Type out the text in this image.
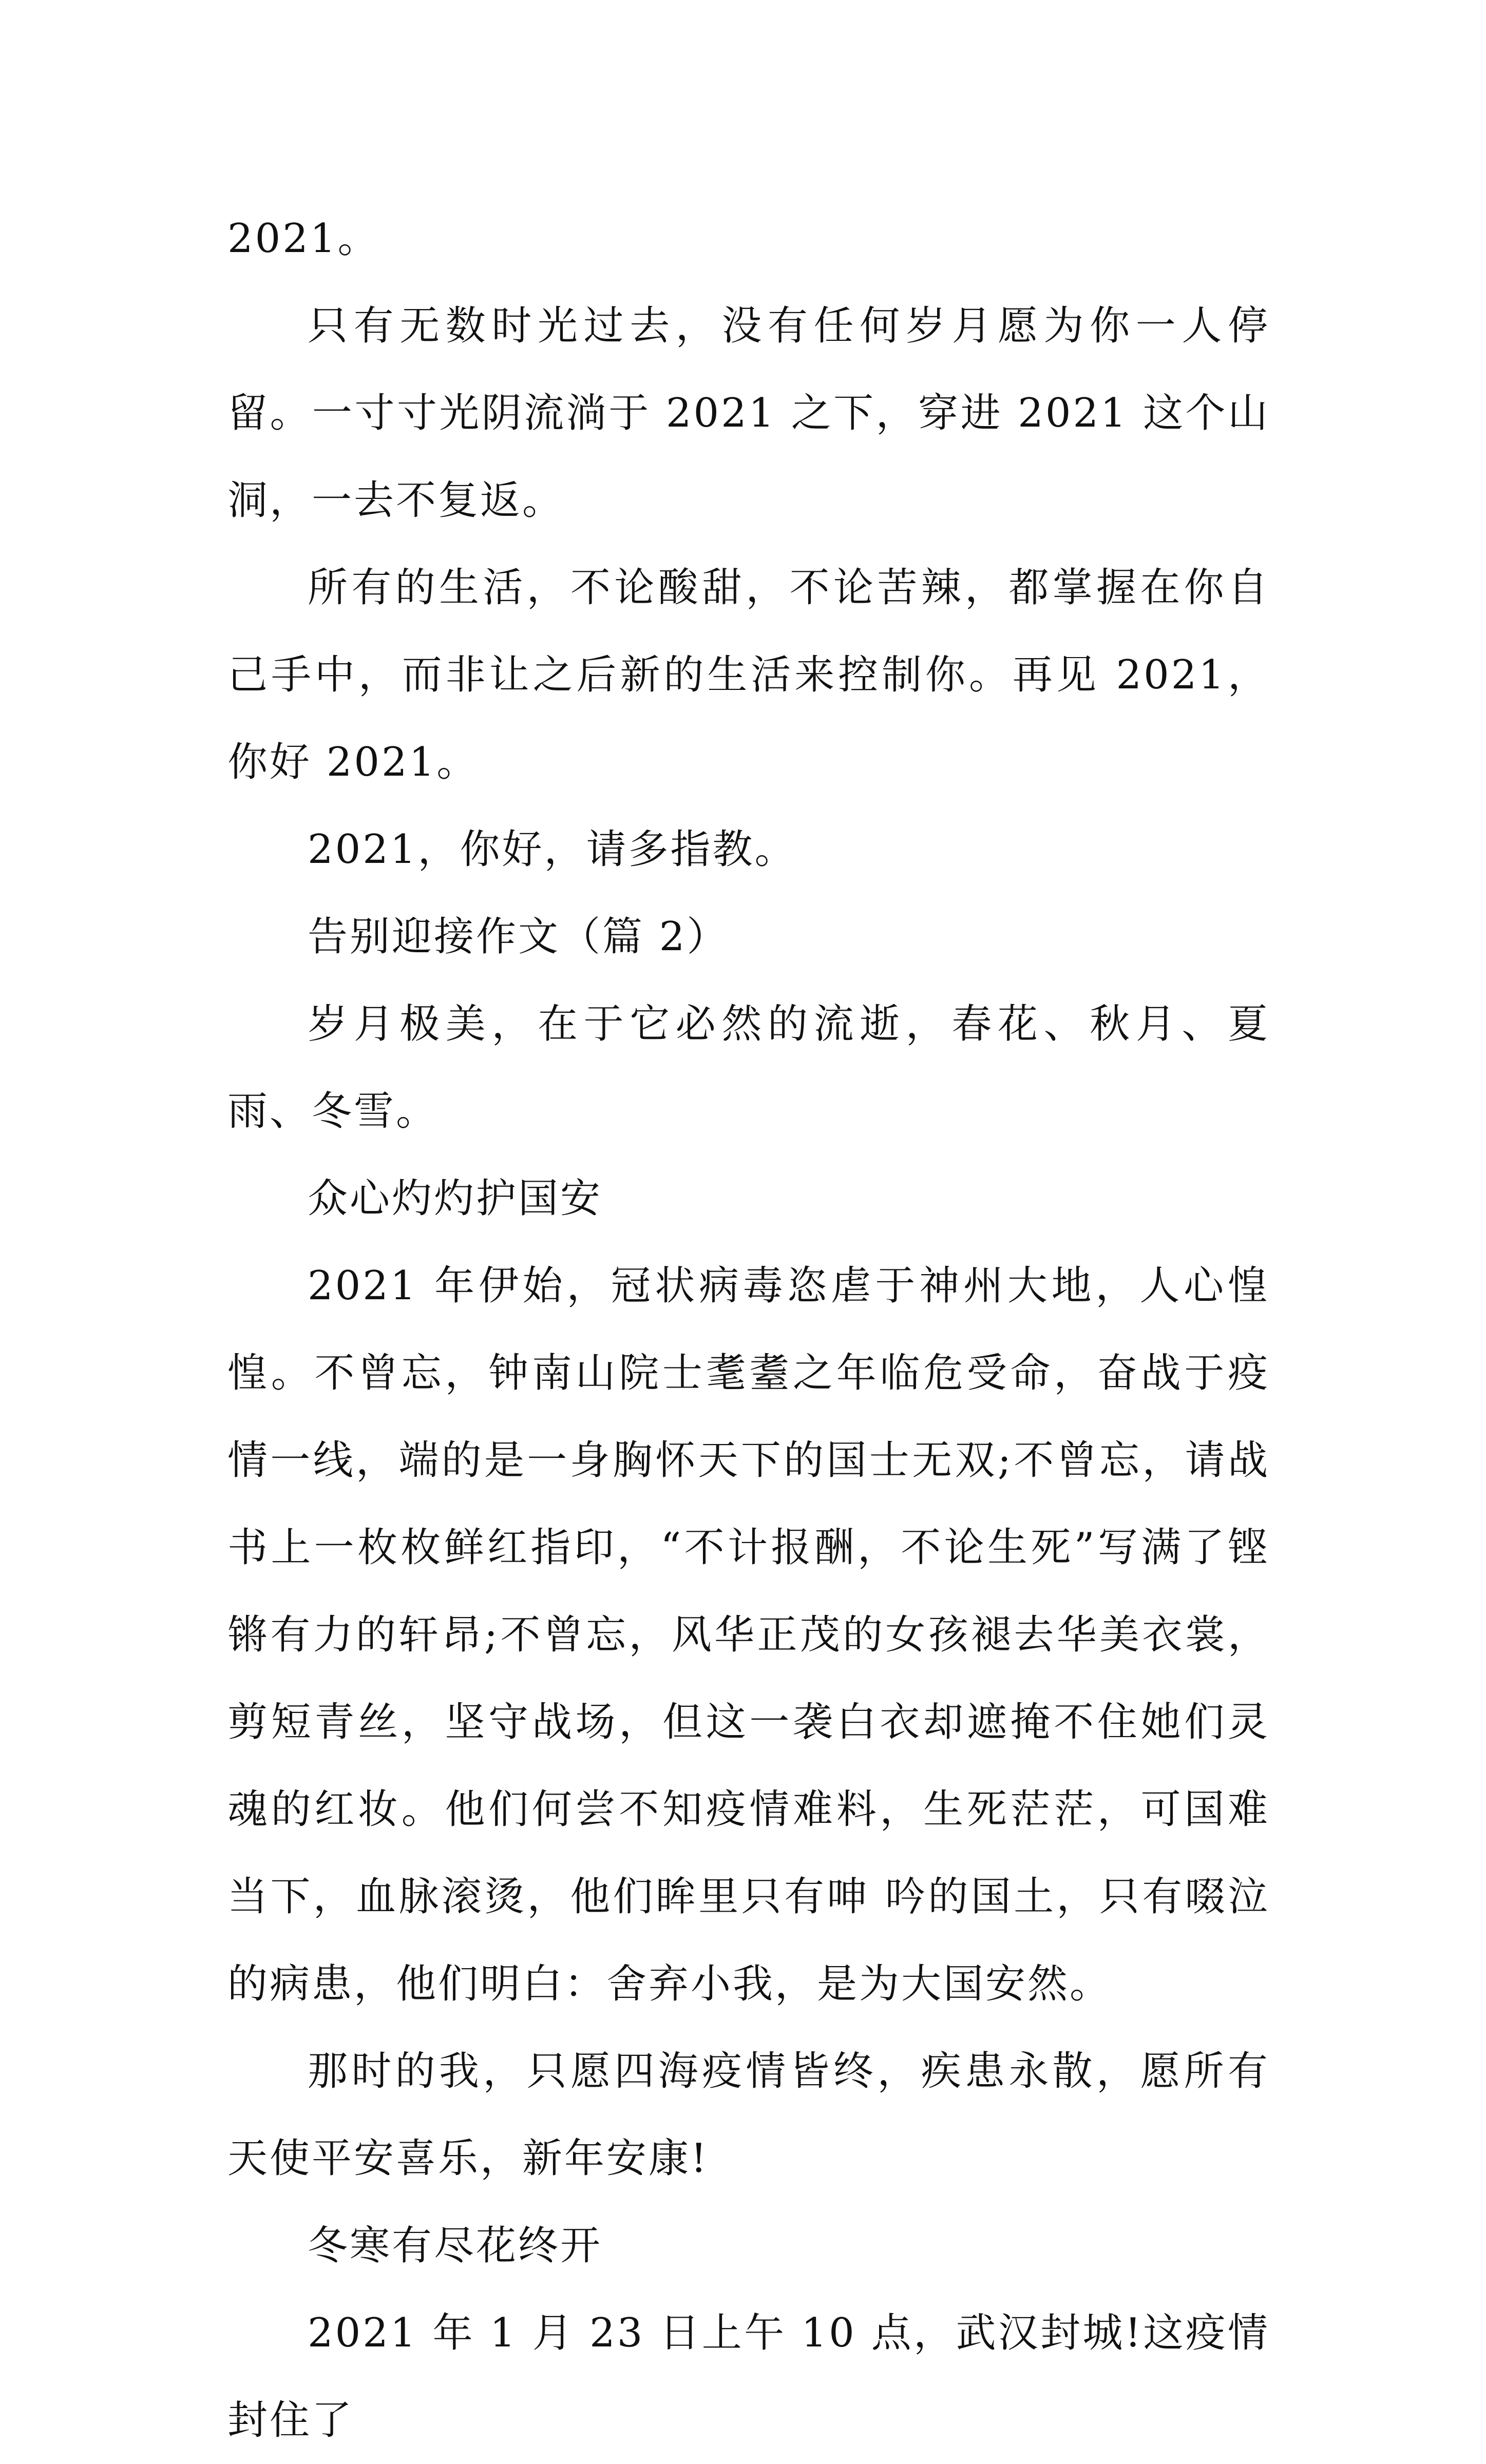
2021。

只有无数时光过去，没有任何岁月愿为你一人停留。一寸寸光阴流淌于 2021 之下，穿进 2021 这个山洞，一去不复返。

所有的生活，不论酸甜，不论苦辣，都掌握在你自己手中，而非让之后新的生活来控制你。再见 2021，你好 2021。

2021，你好，请多指教。

告别迎接作文（篇 2）

岁月极美，在于它必然的流逝，春花、秋月、夏雨、冬雪。

众心灼灼护国安

2021 年伊始，冠状病毒恣虐于神州大地，人心惶惶。不曾忘，钟南山院士耄耋之年临危受命，奋战于疫情一线，端的是一身胸怀天下的国士无双;不曾忘，请战书上一枚枚鲜红指印，“不计报酬，不论生死”写满了铿锵有力的轩昂;不曾忘，风华正茂的女孩褪去华美衣裳，剪短青丝，坚守战场，但这一袭白衣却遮掩不住她们灵魂的红妆。他们何尝不知疫情难料，生死茫茫，可国难当下，血脉滚烫，他们眸里只有呻 吟的国土，只有啜泣的病患，他们明白：舍弃小我，是为大国安然。

那时的我，只愿四海疫情皆终，疾患永散，愿所有天使平安喜乐，新年安康!

冬寒有尽花终开

2021 年 1 月 23 日上午 10 点，武汉封城!这疫情封住了
